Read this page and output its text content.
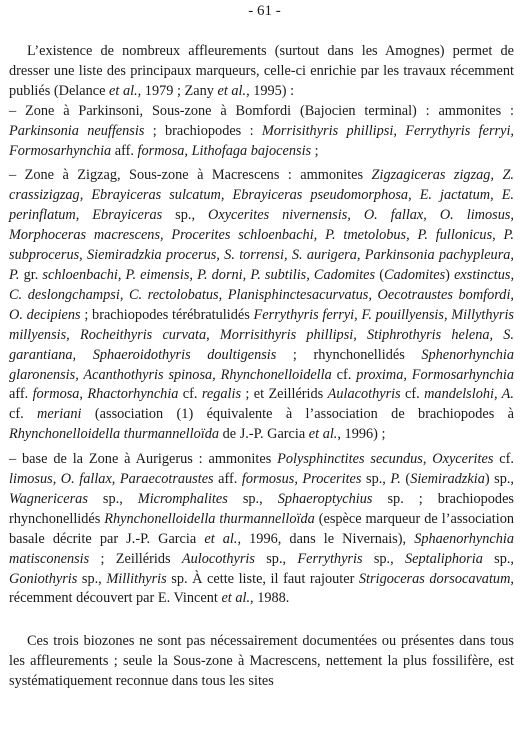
- 61 -

L’existence de nombreux affleurements (surtout dans les Amognes) permet de dresser une liste des principaux marqueurs, celle-ci enrichie par les travaux récemment publiés (Delance et al., 1979 ; Zany et al., 1995) :

– Zone à Parkinsoni, Sous-zone à Bomfordi (Bajocien terminal) : ammonites : Parkinsonia neuffensis ; brachiopodes : Morrisithyris phillipsi, Ferrythyris ferryi, Formosarhynchia aff. formosa, Lithofaga bajocensis ;

– Zone à Zigzag, Sous-zone à Macrescens : ammonites Zigzagiceras zigzag, Z. crassizigzag, Ebrayiceras sulcatum, Ebrayiceras pseudomorphosa, E. jactatum, E. perinflatum, Ebrayiceras sp., Oxycerites nivernensis, O. fallax, O. limosus, Morphoceras macrescens, Procerites schloenbachi, P. tmetolobus, P. fullonicus, P. subprocerus, Siemiradzkia procerus, S. torrensi, S. aurigera, Parkinsonia pachypleura, P. gr. schloenbachi, P. eimensis, P. dorni, P. subtilis, Cadomites (Cadomites) exstinctus, C. deslongchampsi, C. rectolobatus, Planisphinctesacurvatus, Oecotraustes bomfordi, O. decipiens ; brachiopodes térébratulidés Ferrythyris ferryi, F. pouillyensis, Millythyris millyensis, Rocheithyris curvata, Morrisithyris phillipsi, Stiphrothyris helena, S. garantiana, Sphaeroidothyris doultigensis ; rhynchonellidés Sphenorhynchia glaronensis, Acanthothyris spinosa, Rhynchonelloidella cf. proxima, Formosarhynchia aff. formosa, Rhactorhynchia cf. regalis ; et Zeillérids Aulacothyris cf. mandelslohi, A. cf. meriani (association (1) équivalente à l’association de brachiopodes à Rhynchonelloidella thurmannelloïda de J.-P. Garcia et al., 1996) ;

– base de la Zone à Aurigerus : ammonites Polysphinctites secundus, Oxycerites cf. limosus, O. fallax, Paraecotraustes aff. formosus, Procerites sp., P. (Siemiradzkia) sp., Wagnericeras sp., Micromphalites sp., Sphaeroptychius sp. ; brachiopodes rhynchonellidés Rhynchonelloidella thurmannelloïda (espèce marqueur de l’association basale décrite par J.-P. Garcia et al., 1996, dans le Nivernais), Sphaenorhynchia matisconensis ; Zeillérids Aulocothyris sp., Ferrythyris sp., Septaliphoria sp., Goniothyris sp., Millithyris sp. À cette liste, il faut rajouter Strigoceras dorsocavatum, récemment découvert par E. Vincent et al., 1988.

Ces trois biozones ne sont pas nécessairement documentées ou présentes dans tous les affleurements ; seule la Sous-zone à Macrescens, nettement la plus fossilifère, est systématiquement reconnue dans tous les sites
